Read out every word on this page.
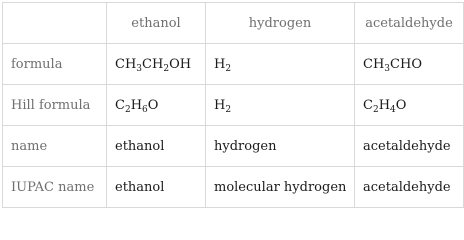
	ethanol	hydrogen	acetaldehyde
formula	$CH_3CH_2OH$	$H_2$	$CH_3CHO$
Hill formula	$C_2H_6O$	$H_2$	$C_2H_4O$
name	ethanol	hydrogen	acetaldehyde
IUPAC name	ethanol	molecular hydrogen	acetaldehyde
